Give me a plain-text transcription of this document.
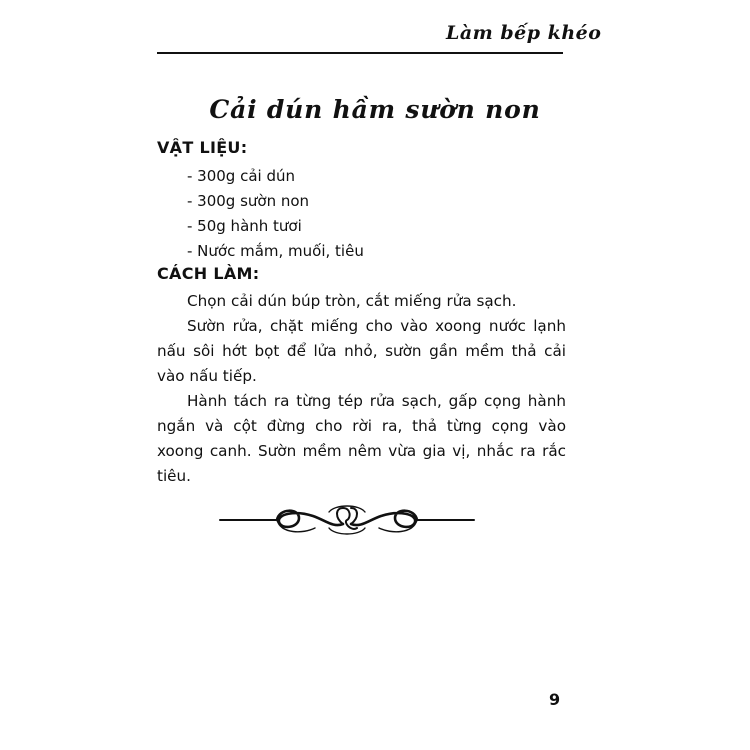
Làm bếp khéo
Cải dún hầm sườn non
VẬT LIỆU:
- 300g cải dún
- 300g sườn non
- 50g hành tươi
- Nước mắm, muối, tiêu
CÁCH LÀM:

Chọn cải dún búp tròn, cắt miếng rửa sạch.

Sườn rửa, chặt miếng cho vào xoong nước lạnh nấu sôi hớt bọt để lửa nhỏ, sườn gần mềm thả cải vào nấu tiếp.

Hành tách ra từng tép rửa sạch, gấp cọng hành ngắn và cột đừng cho rời ra, thả từng cọng vào xoong canh. Sườn mềm nêm vừa gia vị, nhắc ra rắc tiêu.

9
